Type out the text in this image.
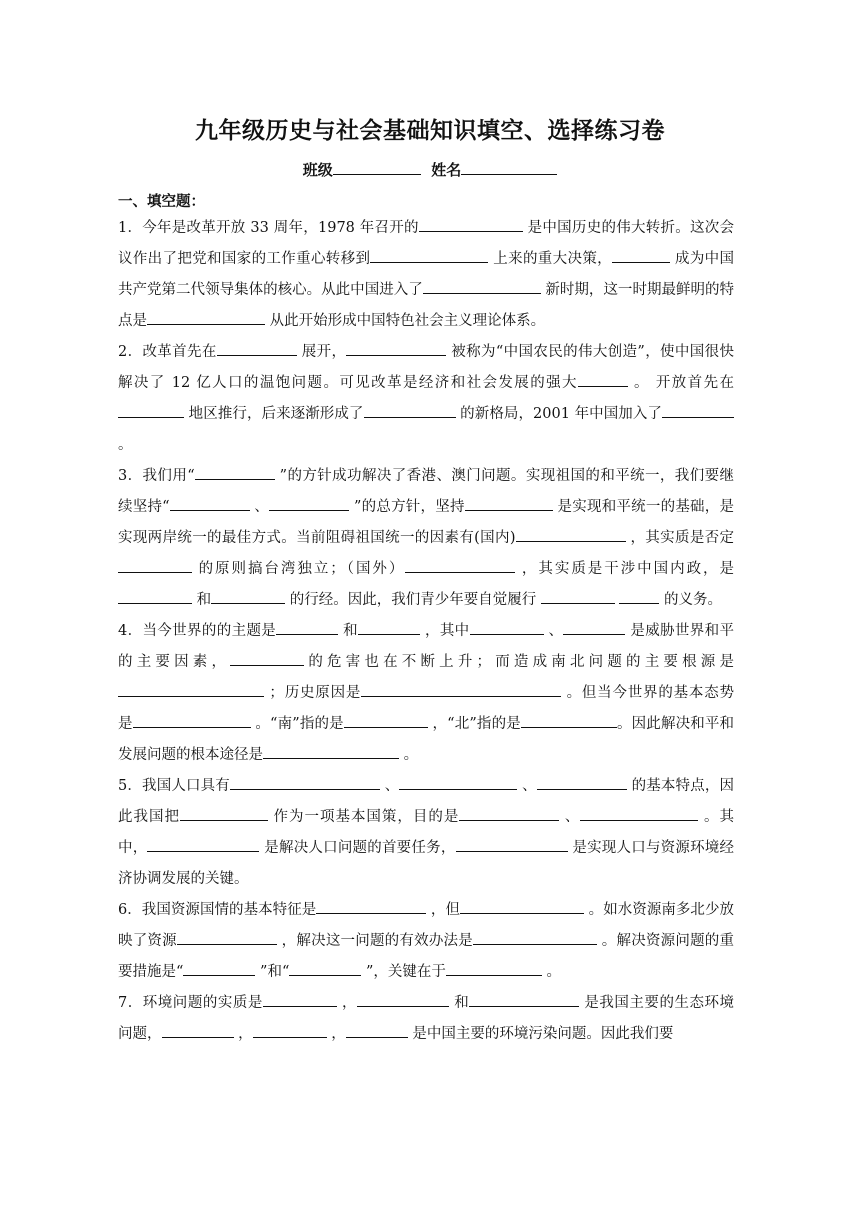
九年级历史与社会基础知识填空、选择练习卷
班级	姓名
一、填空题：

1．今年是改革开放 33 周年，1978 年召开的	是中国历史的伟大转折。这次会议作出了把党和国家的工作重心转移到	上来的重大决策，	成为中国共产党第二代领导集体的核心。从此中国进入了	新时期，这一时期最鲜明的特点是	从此开始形成中国特色社会主义理论体系。

2．改革首先在	展开，	被称为“中国农民的伟大创造”，使中国很快解决了 12 亿人口的温饱问题。可见改革是经济和社会发展的强大	。 开放首先在 地区推行，后来逐渐形成了	的新格局，2001 年中国加入了 。

3．我们用“	”的方针成功解决了香港、澳门问题。实现祖国的和平统一，我们要继续坚持“	、	”的总方针，坚持	是实现和平统一的基础，是实现两岸统一的最佳方式。当前阻碍祖国统一的因素有(国内)	，其实质是否定 的原则搞台湾独立；（国外）	，其实质是干涉中国内政，是 和	的行经。因此，我们青少年要自觉履行	的义务。

4．当今世界的的主题是	和	，其中	、	是威胁世界和平的主要因素，	的危害也在不断上升；而造成南北问题的主要根源是 ；历史原因是	。但当今世界的基本态势是	。“南”指的是	，“北”指的是	。因此解决和平和发展问题的根本途径是	。

5．我国人口具有	、	、	的基本特点，因此我国把	作为一项基本国策，目的是	、	。其中，	是解决人口问题的首要任务，	是实现人口与资源环境经济协调发展的关键。

6．我国资源国情的基本特征是	，但	。如水资源南多北少放映了资源	，解决这一问题的有效办法是	。解决资源问题的重要措施是“	”和“	”，关键在于	。

7．环境问题的实质是	，	和	是我国主要的生态环境问题，	，	，	是中国主要的环境污染问题。因此我们要
